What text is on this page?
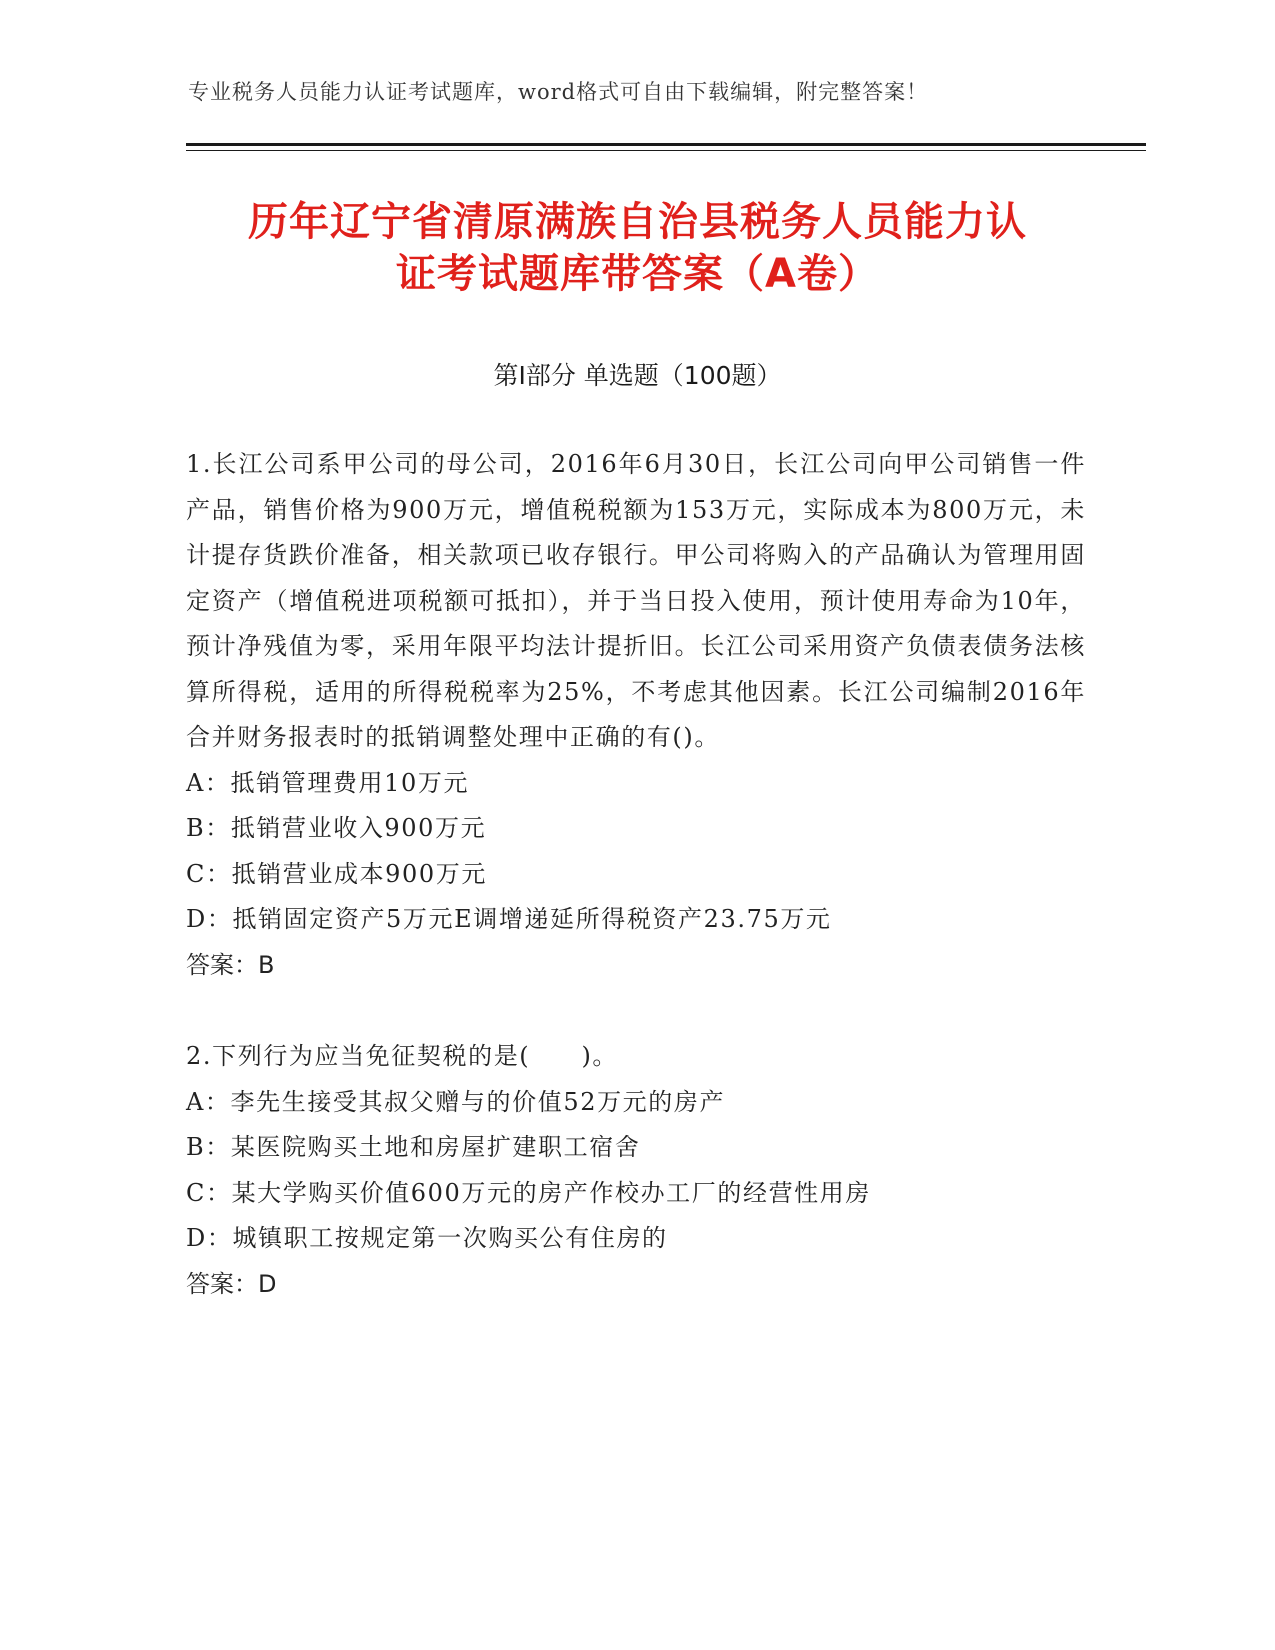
专业税务人员能力认证考试题库，word格式可自由下载编辑，附完整答案！
历年辽宁省清原满族自治县税务人员能力认
证考试题库带答案（A卷）
第Ⅰ部分 单选题（100题）
1.长江公司系甲公司的母公司，2016年6月30日，长江公司向甲公司销售一件产品，销售价格为900万元，增值税税额为153万元，实际成本为800万元，未计提存货跌价准备，相关款项已收存银行。甲公司将购入的产品确认为管理用固定资产（增值税进项税额可抵扣），并于当日投入使用，预计使用寿命为10年，预计净残值为零，采用年限平均法计提折旧。长江公司采用资产负债表债务法核算所得税，适用的所得税税率为25%，不考虑其他因素。长江公司编制2016年合并财务报表时的抵销调整处理中正确的有()。
A：抵销管理费用10万元
B：抵销营业收入900万元
C：抵销营业成本900万元
D：抵销固定资产5万元E调增递延所得税资产23.75万元
答案：B
2.下列行为应当免征契税的是(　　)。
A：李先生接受其叔父赠与的价值52万元的房产
B：某医院购买土地和房屋扩建职工宿舍
C：某大学购买价值600万元的房产作校办工厂的经营性用房
D：城镇职工按规定第一次购买公有住房的
答案：D
